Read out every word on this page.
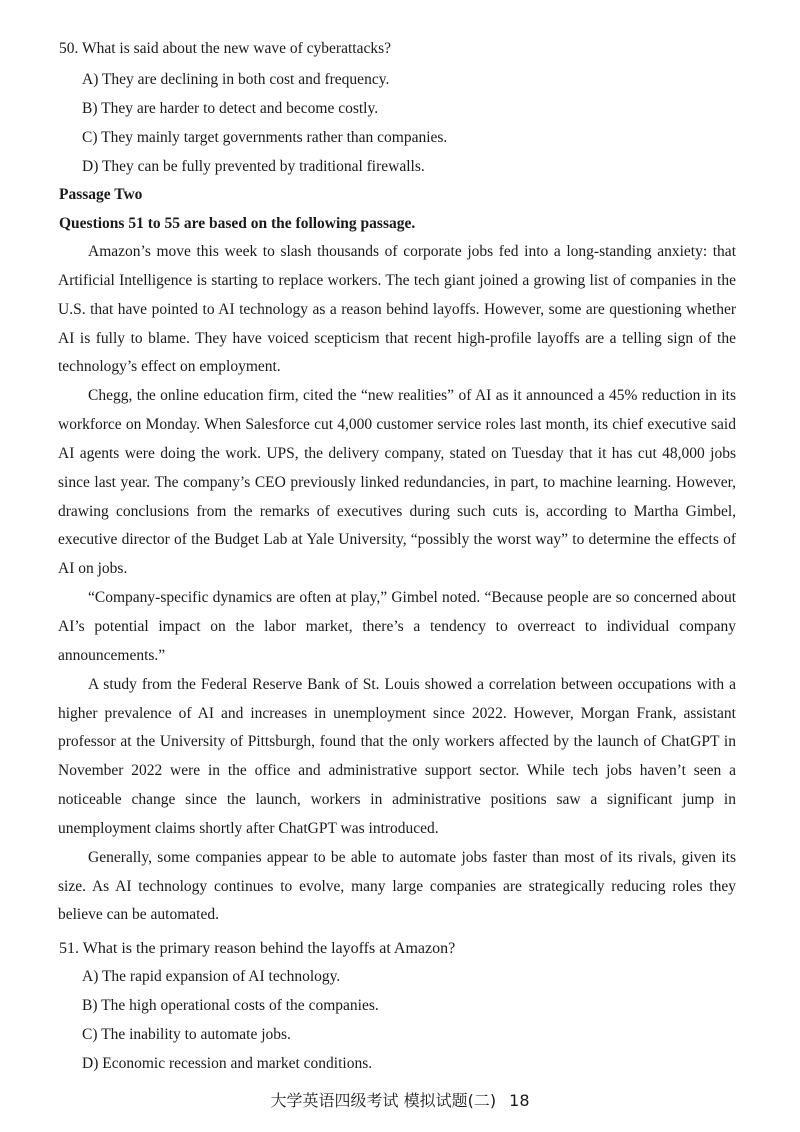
50. What is said about the new wave of cyberattacks?
A) They are declining in both cost and frequency.
B) They are harder to detect and become costly.
C) They mainly target governments rather than companies.
D) They can be fully prevented by traditional firewalls.
Passage Two
Questions 51 to 55 are based on the following passage.

Amazon’s move this week to slash thousands of corporate jobs fed into a long-standing anxiety: that Artificial Intelligence is starting to replace workers. The tech giant joined a growing list of companies in the U.S. that have pointed to AI technology as a reason behind layoffs. However, some are questioning whether AI is fully to blame. They have voiced scepticism that recent high-profile layoffs are a telling sign of the technology’s effect on employment.

Chegg, the online education firm, cited the “new realities” of AI as it announced a 45% reduction in its workforce on Monday. When Salesforce cut 4,000 customer service roles last month, its chief executive said AI agents were doing the work. UPS, the delivery company, stated on Tuesday that it has cut 48,000 jobs since last year. The company’s CEO previously linked redundancies, in part, to machine learning. However, drawing conclusions from the remarks of executives during such cuts is, according to Martha Gimbel, executive director of the Budget Lab at Yale University, “possibly the worst way” to determine the effects of AI on jobs.

“Company-specific dynamics are often at play,” Gimbel noted. “Because people are so concerned about AI’s potential impact on the labor market, there’s a tendency to overreact to individual company announcements.”

A study from the Federal Reserve Bank of St. Louis showed a correlation between occupations with a higher prevalence of AI and increases in unemployment since 2022. However, Morgan Frank, assistant professor at the University of Pittsburgh, found that the only workers affected by the launch of ChatGPT in November 2022 were in the office and administrative support sector. While tech jobs haven’t seen a noticeable change since the launch, workers in administrative positions saw a significant jump in unemployment claims shortly after ChatGPT was introduced.

Generally, some companies appear to be able to automate jobs faster than most of its rivals, given its size. As AI technology continues to evolve, many large companies are strategically reducing roles they believe can be automated.

51. What is the primary reason behind the layoffs at Amazon?
A) The rapid expansion of AI technology.
B) The high operational costs of the companies.
C) The inability to automate jobs.
D) Economic recession and market conditions.
大学英语四级考试 模拟试题(二) 18
